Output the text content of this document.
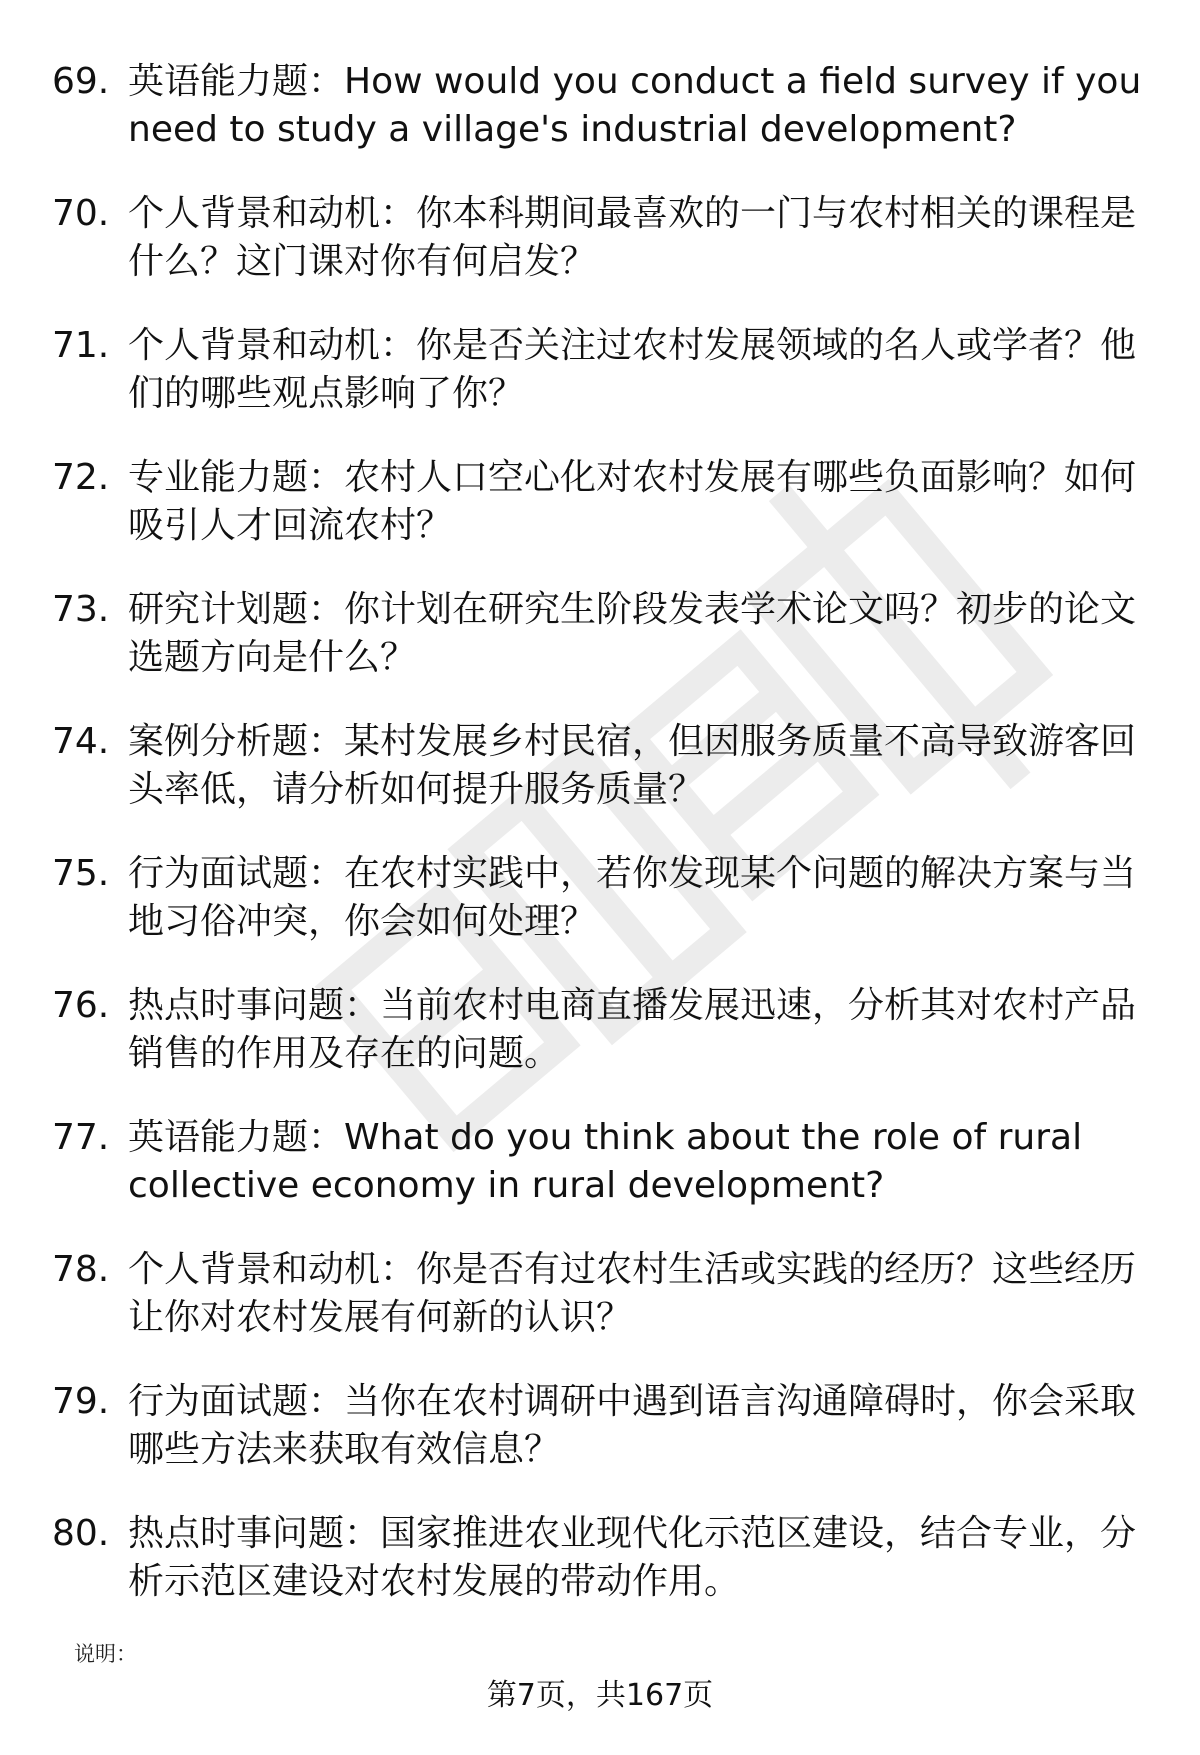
69. 英语能力题：How would you conduct a field survey if you need to study a village's industrial development?
70. 个人背景和动机：你本科期间最喜欢的一门与农村相关的课程是什么？这门课对你有何启发？
71. 个人背景和动机：你是否关注过农村发展领域的名人或学者？他们的哪些观点影响了你？
72. 专业能力题：农村人口空心化对农村发展有哪些负面影响？如何吸引人才回流农村？
73. 研究计划题：你计划在研究生阶段发表学术论文吗？初步的论文选题方向是什么？
74. 案例分析题：某村发展乡村民宿，但因服务质量不高导致游客回头率低，请分析如何提升服务质量？
75. 行为面试题：在农村实践中，若你发现某个问题的解决方案与当地习俗冲突，你会如何处理？
76. 热点时事问题：当前农村电商直播发展迅速，分析其对农村产品销售的作用及存在的问题。
77. 英语能力题：What do you think about the role of rural collective economy in rural development?
78. 个人背景和动机：你是否有过农村生活或实践的经历？这些经历让你对农村发展有何新的认识？
79. 行为面试题：当你在农村调研中遇到语言沟通障碍时，你会采取哪些方法来获取有效信息？
80. 热点时事问题：国家推进农业现代化示范区建设，结合专业，分析示范区建设对农村发展的带动作用。
说明：
第7页，共167页
